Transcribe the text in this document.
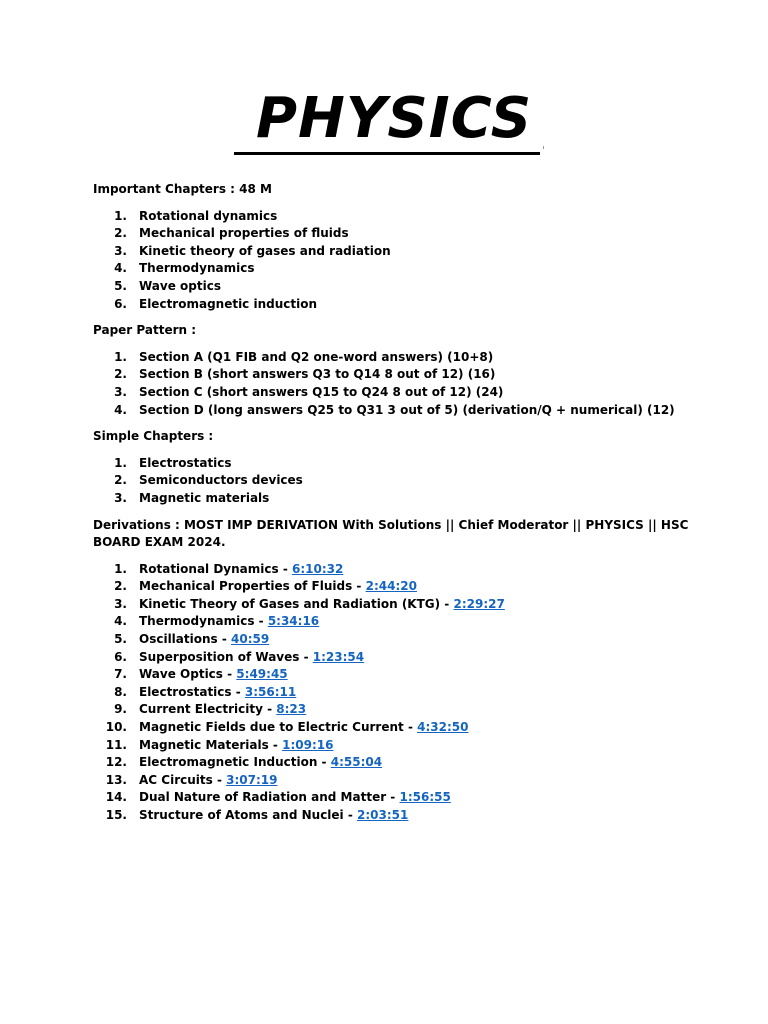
PHYSICS

Important Chapters : 48 M

1. Rotational dynamics
2. Mechanical properties of fluids
3. Kinetic theory of gases and radiation
4. Thermodynamics
5. Wave optics
6. Electromagnetic induction

Paper Pattern :

1. Section A (Q1 FIB and Q2 one-word answers) (10+8)
2. Section B (short answers Q3 to Q14 8 out of 12) (16)
3. Section C (short answers Q15 to Q24 8 out of 12) (24)
4. Section D (long answers Q25 to Q31 3 out of 5) (derivation/Q + numerical) (12)

Simple Chapters :

1. Electrostatics
2. Semiconductors devices
3. Magnetic materials

Derivations : MOST IMP DERIVATION With Solutions || Chief Moderator || PHYSICS || HSC BOARD EXAM 2024.

1. Rotational Dynamics - 6:10:32
2. Mechanical Properties of Fluids - 2:44:20
3. Kinetic Theory of Gases and Radiation (KTG) - 2:29:27
4. Thermodynamics - 5:34:16
5. Oscillations - 40:59
6. Superposition of Waves - 1:23:54
7. Wave Optics - 5:49:45
8. Electrostatics - 3:56:11
9. Current Electricity - 8:23
10. Magnetic Fields due to Electric Current - 4:32:50
11. Magnetic Materials - 1:09:16
12. Electromagnetic Induction - 4:55:04
13. AC Circuits - 3:07:19
14. Dual Nature of Radiation and Matter - 1:56:55
15. Structure of Atoms and Nuclei - 2:03:51
